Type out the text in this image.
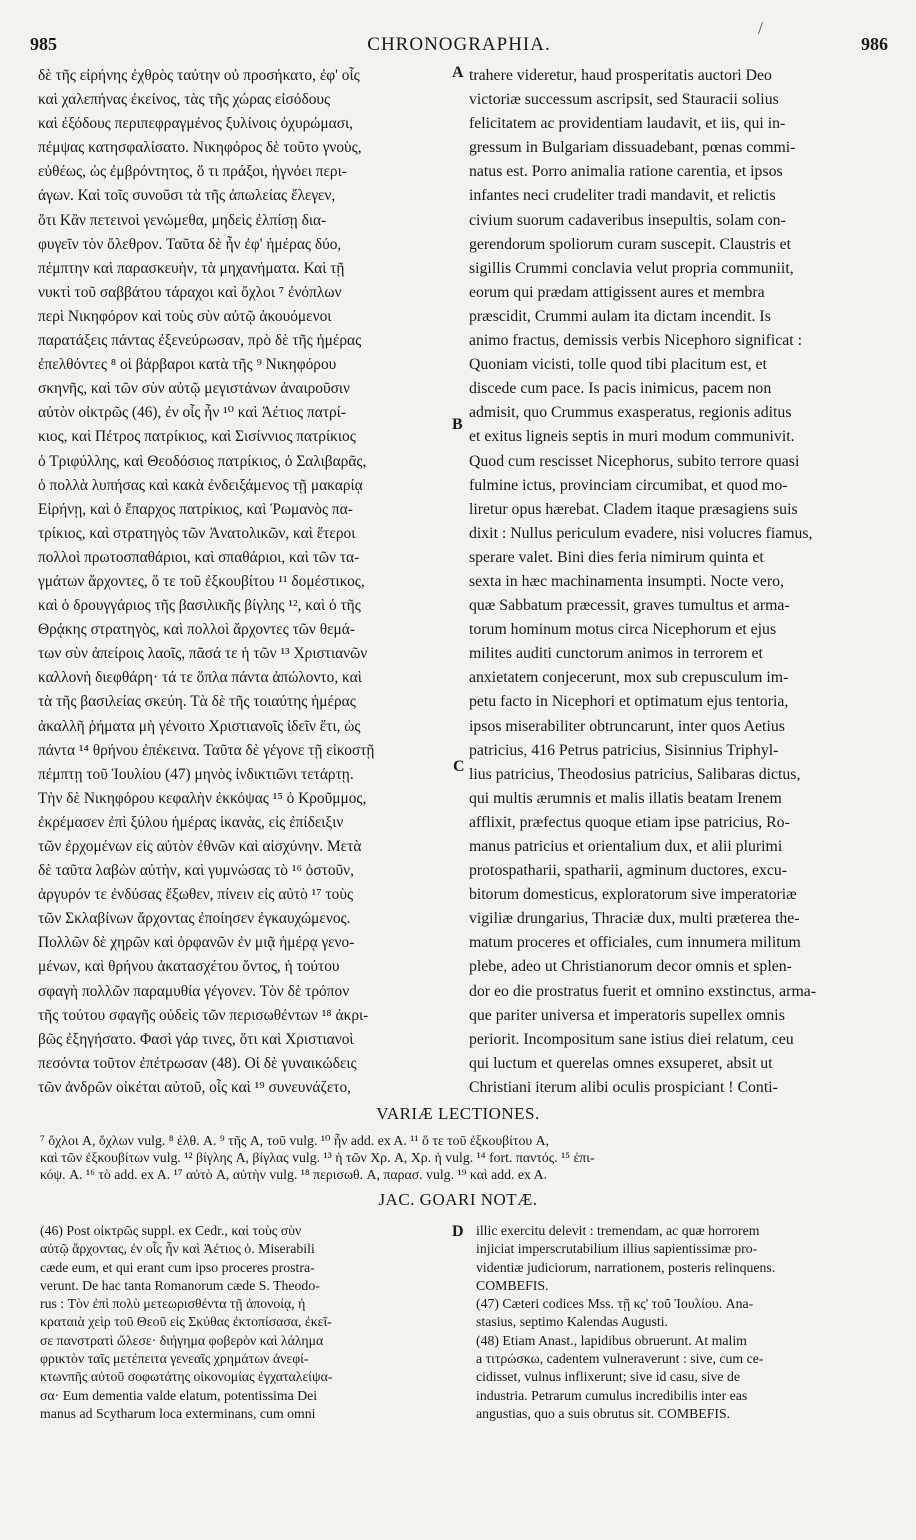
985	CHRONOGRAPHIA.	986
/
δὲ τῆς εἰρήνης ἐχθρὸς ταύτην οὐ προσήκατο, ἐφ' οἷς
καὶ χαλεπήνας ἐκείνος, τὰς τῆς χώρας εἰσόδους
καὶ ἐξόδους περιπεφραγμένος ξυλίνοις ὀχυρώμασι,
πέμψας κατησφαλίσατο. Νικηφόρος δὲ τοῦτο γνοὺς,
εὐθέως, ὡς ἐμβρόντητος, ὅ τι πράξοι, ἠγνόει περι-
άγων. Καὶ τοῖς συνοῦσι τὰ τῆς ἀπωλείας ἔλεγεν,
ὅτι Κἂν πετεινοὶ γενώμεθα, μηδεὶς ἐλπίσῃ δια-
φυγεῖν τὸν ὄλεθρον. Ταῦτα δὲ ἦν ἐφ' ἡμέρας δύο,
πέμπτην καὶ παρασκευὴν, τὰ μηχανήματα. Καὶ τῇ
νυκτὶ τοῦ σαββάτου τάραχοι καὶ ὄχλοι ⁷ ἐνόπλων
περὶ Νικηφόρον καὶ τοὺς σὺν αὐτῷ ἀκουόμενοι
παρατάξεις πάντας ἐξενεύρωσαν, πρὸ δὲ τῆς ἡμέρας
ἐπελθόντες ⁸ οἱ βάρβαροι κατὰ τῆς ⁹ Νικηφόρου
σκηνῆς, καὶ τῶν σὺν αὐτῷ μεγιστάνων ἀναιροῦσιν
αὐτὸν οἰκτρῶς (46), ἐν οἷς ἦν ¹⁰ καὶ Ἀέτιος πατρί-
κιος, καὶ Πέτρος πατρίκιος, καὶ Σισίννιος πατρίκιος
ὁ Τριφύλλης, καὶ Θεοδόσιος πατρίκιος, ὁ Σαλιβαρᾶς,
ὁ πολλὰ λυπήσας καὶ κακὰ ἐνδειξάμενος τῇ μακαρίᾳ
Εἰρήνῃ, καὶ ὁ ἔπαρχος πατρίκιος, καὶ Ῥωμανὸς πα-
τρίκιος, καὶ στρατηγὸς τῶν Ἀνατολικῶν, καὶ ἕτεροι
πολλοὶ πρωτοσπαθάριοι, καὶ σπαθάριοι, καὶ τῶν τα-
γμάτων ἄρχοντες, ὅ τε τοῦ ἐξκουβίτου ¹¹ δομέστικος,
καὶ ὁ δρουγγάριος τῆς βασιλικῆς βίγλης ¹², καὶ ὁ τῆς
Θρᾴκης στρατηγὸς, καὶ πολλοὶ ἄρχοντες τῶν θεμά-
των σὺν ἀπείροις λαοῖς, πᾶσά τε ἡ τῶν ¹³ Χριστιανῶν
καλλονὴ διεφθάρη· τά τε ὅπλα πάντα ἀπώλοντο, καὶ
τὰ τῆς βασιλείας σκεύη. Τὰ δὲ τῆς τοιαύτης ἡμέρας
ἀκαλλῆ ῥήματα μὴ γένοιτο Χριστιανοῖς ἰδεῖν ἔτι, ὡς
πάντα ¹⁴ θρήνου ἐπέκεινα. Ταῦτα δὲ γέγονε τῇ εἰκοστῇ
πέμπτῃ τοῦ Ἰουλίου (47) μηνὸς ἰνδικτιῶνι τετάρτῃ.
Τὴν δὲ Νικηφόρου κεφαλὴν ἐκκόψας ¹⁵ ὁ Κροῦμμος,
ἐκρέμασεν ἐπὶ ξύλου ἡμέρας ἱκανὰς, εἰς ἐπίδειξιν
τῶν ἐρχομένων εἰς αὐτὸν ἐθνῶν καὶ αἰσχύνην. Μετὰ
δὲ ταῦτα λαβὼν αὐτὴν, καὶ γυμνώσας τὸ ¹⁶ ὀστοῦν,
ἀργυρόν τε ἐνδύσας ἔξωθεν, πίνειν εἰς αὐτὸ ¹⁷ τοὺς
τῶν Σκλαβίνων ἄρχοντας ἐποίησεν ἐγκαυχώμενος.
Πολλῶν δὲ χηρῶν καὶ ὀρφανῶν ἐν μιᾷ ἡμέρᾳ γενο-
μένων, καὶ θρήνου ἀκατασχέτου ὄντος, ἡ τούτου
σφαγὴ πολλῶν παραμυθία γέγονεν. Τὸν δὲ τρόπον
τῆς τούτου σφαγῆς οὐδεὶς τῶν περισωθέντων ¹⁸ ἀκρι-
βῶς ἐξηγήσατο. Φασὶ γάρ τινες, ὅτι καὶ Χριστιανοὶ
πεσόντα τοῦτον ἐπέτρωσαν (48). Οἱ δὲ γυναικώδεις
τῶν ἀνδρῶν οἰκέται αὐτοῦ, οἷς καὶ ¹⁹ συνευνάζετο,
trahere videretur, haud prosperitatis auctori Deo
victoriæ successum ascripsit, sed Stauracii solius
felicitatem ac providentiam laudavit, et iis, qui in-
gressum in Bulgariam dissuadebant, pœnas commi-
natus est. Porro animalia ratione carentia, et ipsos
infantes neci crudeliter tradi mandavit, et relictis
civium suorum cadaveribus insepultis, solam con-
gerendorum spoliorum curam suscepit. Claustris et
sigillis Crummi conclavia velut propria communiit,
eorum qui prædam attigissent aures et membra
præscidit, Crummi aulam ita dictam incendit. Is
animo fractus, demissis verbis Nicephoro significat :
Quoniam vicisti, tolle quod tibi placitum est, et
discede cum pace. Is pacis inimicus, pacem non
admisit, quo Crummus exasperatus, regionis aditus
et exitus ligneis septis in muri modum communivit.
Quod cum rescisset Nicephorus, subito terrore quasi
fulmine ictus, provinciam circumibat, et quod mo-
liretur opus hærebat. Cladem itaque præsagiens suis
dixit : Nullus periculum evadere, nisi volucres fiamus,
sperare valet. Bini dies feria nimirum quinta et
sexta in hæc machinamenta insumpti. Nocte vero,
quæ Sabbatum præcessit, graves tumultus et arma-
torum hominum motus circa Nicephorum et ejus
milites auditi cunctorum animos in terrorem et
anxietatem conjecerunt, mox sub crepusculum im-
petu facto in Nicephori et optimatum ejus tentoria,
ipsos miserabiliter obtruncarunt, inter quos Aetius
patricius, 416 Petrus patricius, Sisinnius Triphyl-
lius patricius, Theodosius patricius, Salibaras dictus,
qui multis ærumnis et malis illatis beatam Irenem
afflixit, præfectus quoque etiam ipse patricius, Ro-
manus patricius et orientalium dux, et alii plurimi
protospatharii, spatharii, agminum ductores, excu-
bitorum domesticus, exploratorum sive imperatoriæ
vigiliæ drungarius, Thraciæ dux, multi præterea the-
matum proceres et officiales, cum innumera militum
plebe, adeo ut Christianorum decor omnis et splen-
dor eo die prostratus fuerit et omnino exstinctus, arma-
que pariter universa et imperatoris supellex omnis
periorit. Incompositum sane istius diei relatum, ceu
qui luctum et querelas omnes exsuperet, absit ut
Christiani iterum alibi oculis prospiciant ! Conti-
A
B
C
VARIÆ LECTIONES.
⁷ ὄχλοι A, ὄχλων vulg. ⁸ ἐλθ. A. ⁹ τῆς A, τοῦ vulg. ¹⁰ ἦν add. ex A. ¹¹ ὅ τε τοῦ ἐξκουβίτου A,
καὶ τῶν ἐξκουβίτων vulg. ¹² βίγλης A, βίγλας vulg. ¹³ ἡ τῶν Χρ. A, Χρ. ἡ vulg. ¹⁴ fort. παντός. ¹⁵ ἐπι-
κόψ. A. ¹⁶ τὸ add. ex A. ¹⁷ αὐτὸ A, αὐτὴν vulg. ¹⁸ περισωθ. A, παρασ. vulg. ¹⁹ καὶ add. ex A.
JAC. GOARI NOTÆ.
(46) Post οἰκτρῶς suppl. ex Cedr., καὶ τοὺς σὺν
αὐτῷ ἄρχοντας, ἐν οἷς ἦν καὶ Ἀέτιος ὁ. Miserabili
cæde eum, et qui erant cum ipso proceres prostra-
verunt. De hac tanta Romanorum cæde S. Theodo-
rus : Τὸν ἐπὶ πολὺ μετεωρισθέντα τῇ ἀπονοίᾳ, ἡ
κραταιὰ χεὶρ τοῦ Θεοῦ εἰς Σκύθας ἐκτοπίσασα, ἐκεῖ-
σε πανστρατὶ ὤλεσε· διήγημα φοβερὸν καὶ λάλημα
φρικτὸν ταῖς μετέπειτα γενεαῖς χρημάτων ἀνεφί-
κτωνπῆς αὐτοῦ σοφωτάτης οἰκονομίας ἐγχαταλείψα-
σα· Eum dementia valde elatum, potentissima Dei
manus ad Scytharum loca exterminans, cum omni
D illic exercitu delevit : tremendam, ac quæ horrorem
injiciat imperscrutabilium illius sapientissimæ pro-
videntiæ judiciorum, narrationem, posteris relinquens.
COMBEFIS.
(47) Cæteri codices Mss. τῇ κς' τοῦ Ἰουλίου. Ana-
stasius, septimo Kalendas Augusti.
(48) Etiam Anast., lapidibus obruerunt. At malim
a τιτρώσκω, cadentem vulneraverunt : sive, cum ce-
cidisset, vulnus inflixerunt; sive id casu, sive de
industria. Petrarum cumulus incredibilis inter eas
angustias, quo a suis obrutus sit. COMBEFIS.
